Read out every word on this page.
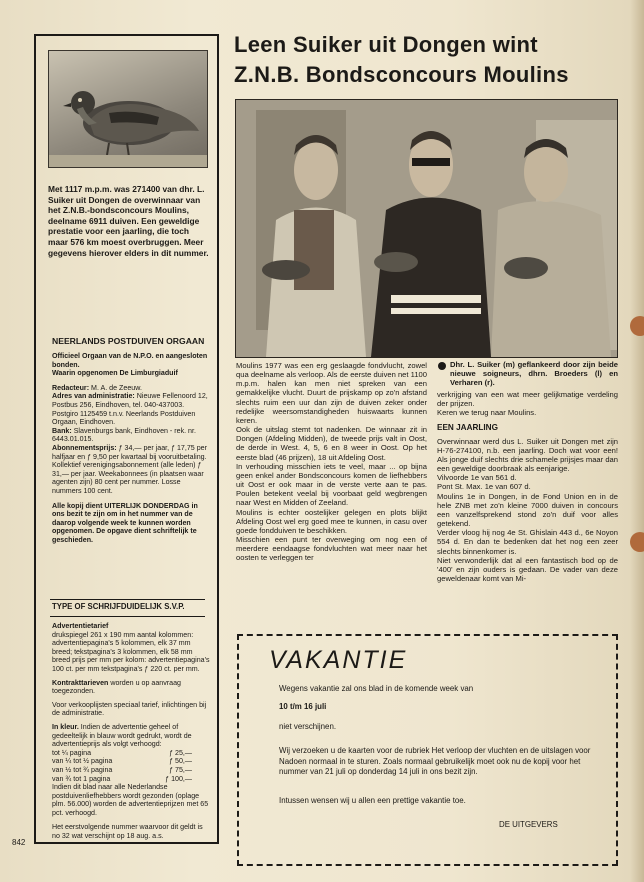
Met 1117 m.p.m. was 271400 van dhr. L. Suiker uit Dongen de overwinnaar van het Z.N.B.-bondsconcours Moulins, deelname 6911 duiven. Een geweldige prestatie voor een jaarling, die toch maar 576 km moest overbruggen. Meer gegevens hierover elders in dit nummer.
NEERLANDS POSTDUIVEN ORGAAN
Officieel Orgaan van de N.P.O. en aangesloten bonden.
Waarin opgenomen De Limburgiaduif
Redacteur: M. A. de Zeeuw.
Adres van administratie: Nieuwe Fellenoord 12, Postbus 256, Eindhoven, tel. 040-437003. Postgiro 1125459 t.n.v. Neerlands Postduiven Orgaan, Eindhoven.
Bank: Slavenburgs bank, Eindhoven - rek. nr. 6443.01.015.
Abonnementsprijs: ƒ 34,— per jaar, ƒ 17,75 per halfjaar en ƒ 9,50 per kwartaal bij vooruitbetaling. Kollektief verenigingsabonnement (alle leden) ƒ 31,— per jaar. Weekabonnees (in plaatsen waar agenten zijn) 80 cent per nummer. Losse nummers 100 cent.
Alle kopij dient UITERLIJK DONDERDAG in ons bezit te zijn om in het nummer van de daarop volgende week te kunnen worden opgenomen. De opgave dient schriftelijk te geschieden.
TYPE OF SCHRIJFDUIDELIJK S.V.P.
Advertentietarief
drukspiegel 261 x 190 mm aantal kolommen: advertentiepagina's 5 kolommen, elk 37 mm breed; tekstpagina's 3 kolommen, elk 58 mm breed prijs per mm per kolom: advertentiepagina's 100 ct. per mm tekstpagina's ƒ 220 ct. per mm.
Kontrakttarieven worden u op aanvraag toegezonden.
Voor verkooplijsten speciaal tarief, inlichtingen bij de administratie.
In kleur. Indien de advertentie geheel of gedeeltelijk in blauw wordt gedrukt, wordt de advertentieprijs als volgt verhoogd:
tot ¼ pagina	ƒ 25,—
van ¼ tot ½ pagina	ƒ 50,—
van ½ tot ¾ pagina	ƒ 75,—
van ¾ tot 1 pagina	ƒ 100,—
Indien dit blad naar alle Nederlandse postduivenliefhebbers wordt gezonden (oplage plm. 56.000) worden de advertentieprijzen met 65 pct. verhoogd.
Het eerstvolgende nummer waarvoor dit geldt is no 32 wat verschijnt op 18 aug. a.s.
842
Leen Suiker uit Dongen wint
Z.N.B. Bondsconcours Moulins

Moulins 1977 was een erg geslaagde fondvlucht, zowel qua deelname als verloop. Als de eerste duiven net 1100 m.p.m. halen kan men niet spreken van een gemakkelijke vlucht. Duurt de prijskamp op zo'n afstand slechts ruim een uur dan zijn de duiven zeker onder redelijke weersomstandigheden huiswaarts kunnen keren.

Ook de uitslag stemt tot nadenken. De winnaar zit in Dongen (Afdeling Midden), de tweede prijs valt in Oost, de derde in West. 4, 5, 6 en 8 weer in Oost. Op het eerste blad (46 prijzen), 18 uit Afdeling Oost.

In verhouding misschien iets te veel, maar ... op bijna geen enkel ander Bondsconcours komen de liefhebbers uit Oost er ook maar in de verste verte aan te pas. Poulen betekent veelal bij voorbaat geld wegbrengen naar West en Midden of Zeeland.

Moulins is echter oostelijker gelegen en plots blijkt Afdeling Oost wel erg goed mee te kunnen, in casu over goede fondduiven te beschikken.

Misschien een punt ter overweging om nog een of meerdere eendaagse fondvluchten wat meer naar het oosten te verleggen ter

Dhr. L. Suiker (m) geflankeerd door zijn beide nieuwe soigneurs, dhrn. Broeders (l) en Verharen (r).

verkrijging van een wat meer gelijkmatige verdeling der prijzen.

Keren we terug naar Moulins.

EEN JAARLING

Overwinnaar werd dus L. Suiker uit Dongen met zijn H-76-274100, n.b. een jaarling. Doch wat voor een! Als jonge duif slechts drie schamele prijsjes maar dan een geweldige doorbraak als eenjarige.

Vilvoorde 1e van 561 d.

Pont St. Max. 1e van 607 d.

Moulins 1e in Dongen, in de Fond Union en in de hele ZNB met zo'n kleine 7000 duiven in concours een vanzelfsprekend stond zo'n duif voor alles getekend.

Verder vloog hij nog 4e St. Ghislain 443 d., 6e Noyon 554 d. En dan te bedenken dat het nog een zeer slechts binnenkomer is.

Niet verwonderlijk dat al een fantastisch bod op de '400' en zijn ouders is gedaan. De vader van deze geweldenaar komt van Mi-

VAKANTIE
Wegens vakantie zal ons blad in de komende week van
10 t/m 16 juli
niet verschijnen.
Wij verzoeken u de kaarten voor de rubriek Het verloop der vluchten en de uitslagen voor Nadoen normaal in te sturen. Zoals normaal gebruikelijk moet ook nu de kopij voor het nummer van 21 juli op donderdag 14 juli in ons bezit zijn.
Intussen wensen wij u allen een prettige vakantie toe.
DE UITGEVERS
